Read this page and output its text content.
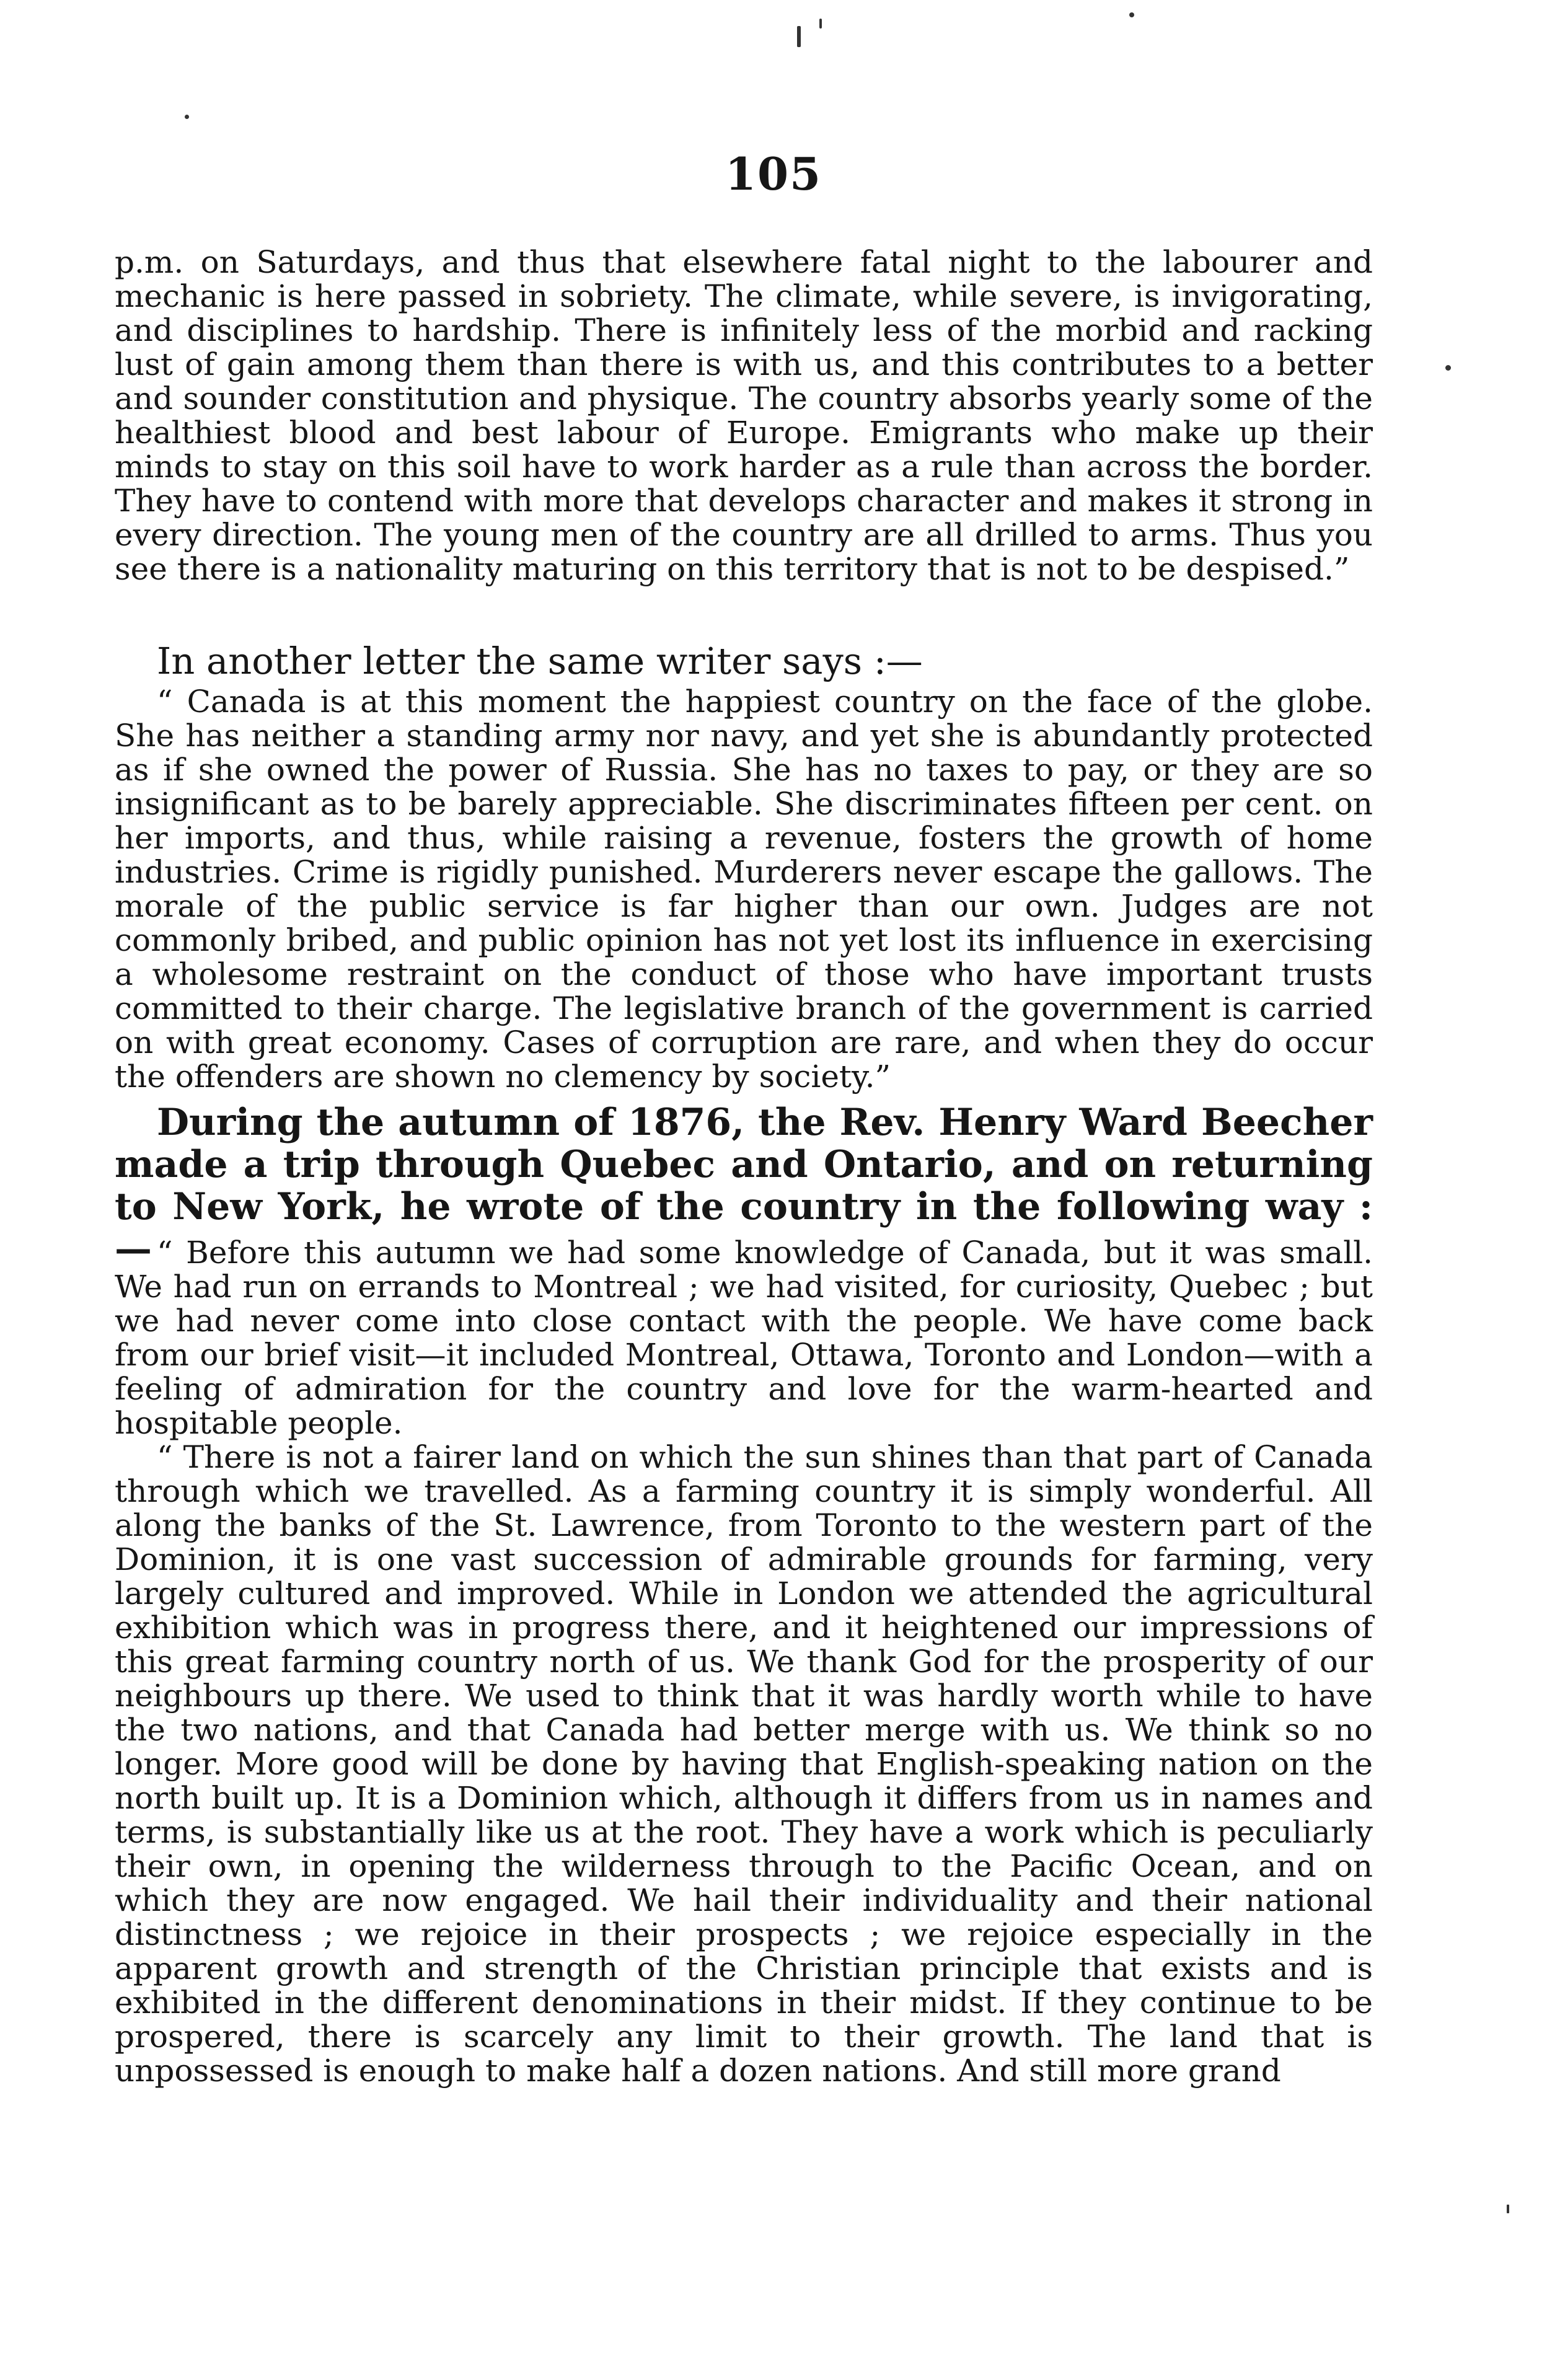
105

p.m. on Saturdays, and thus that elsewhere fatal night to the labourer and mechanic is here passed in sobriety. The climate, while severe, is invigorating, and disciplines to hardship. There is infinitely less of the morbid and racking lust of gain among them than there is with us, and this contributes to a better and sounder constitution and physique. The country absorbs yearly some of the healthiest blood and best labour of Europe. Emigrants who make up their minds to stay on this soil have to work harder as a rule than across the border. They have to contend with more that develops character and makes it strong in every direction. The young men of the country are all drilled to arms. Thus you see there is a nationality maturing on this territory that is not to be despised.”

In another letter the same writer says :—

“ Canada is at this moment the happiest country on the face of the globe. She has neither a standing army nor navy, and yet she is abundantly protected as if she owned the power of Russia. She has no taxes to pay, or they are so insignificant as to be barely appreciable. She discriminates fifteen per cent. on her imports, and thus, while raising a revenue, fosters the growth of home industries. Crime is rigidly punished. Murderers never escape the gallows. The morale of the public service is far higher than our own. Judges are not commonly bribed, and public opinion has not yet lost its influence in exercising a wholesome restraint on the conduct of those who have important trusts committed to their charge. The legislative branch of the government is carried on with great economy. Cases of corruption are rare, and when they do occur the offenders are shown no clemency by society.”

During the autumn of 1876, the Rev. Henry Ward Beecher made a trip through Quebec and Ontario, and on returning to New York, he wrote of the country in the following way :— “ Before this autumn we had some knowledge of Canada, but it was small. We had run on errands to Montreal ; we had visited, for curiosity, Quebec ; but we had never come into close contact with the people. We have come back from our brief visit—it included Montreal, Ottawa, Toronto and London—with a feeling of admiration for the country and love for the warm-hearted and hospitable people.

“ There is not a fairer land on which the sun shines than that part of Canada through which we travelled. As a farming country it is simply wonderful. All along the banks of the St. Lawrence, from Toronto to the western part of the Dominion, it is one vast succession of admirable grounds for farming, very largely cultured and improved. While in London we attended the agricultural exhibition which was in progress there, and it heightened our impressions of this great farming country north of us. We thank God for the prosperity of our neighbours up there. We used to think that it was hardly worth while to have the two nations, and that Canada had better merge with us. We think so no longer. More good will be done by having that English-speaking nation on the north built up. It is a Dominion which, although it differs from us in names and terms, is substantially like us at the root. They have a work which is peculiarly their own, in opening the wilderness through to the Pacific Ocean, and on which they are now engaged. We hail their individuality and their national distinctness ; we rejoice in their prospects ; we rejoice especially in the apparent growth and strength of the Christian principle that exists and is exhibited in the different denominations in their midst. If they continue to be prospered, there is scarcely any limit to their growth. The land that is unpossessed is enough to make half a dozen nations. And still more grand
